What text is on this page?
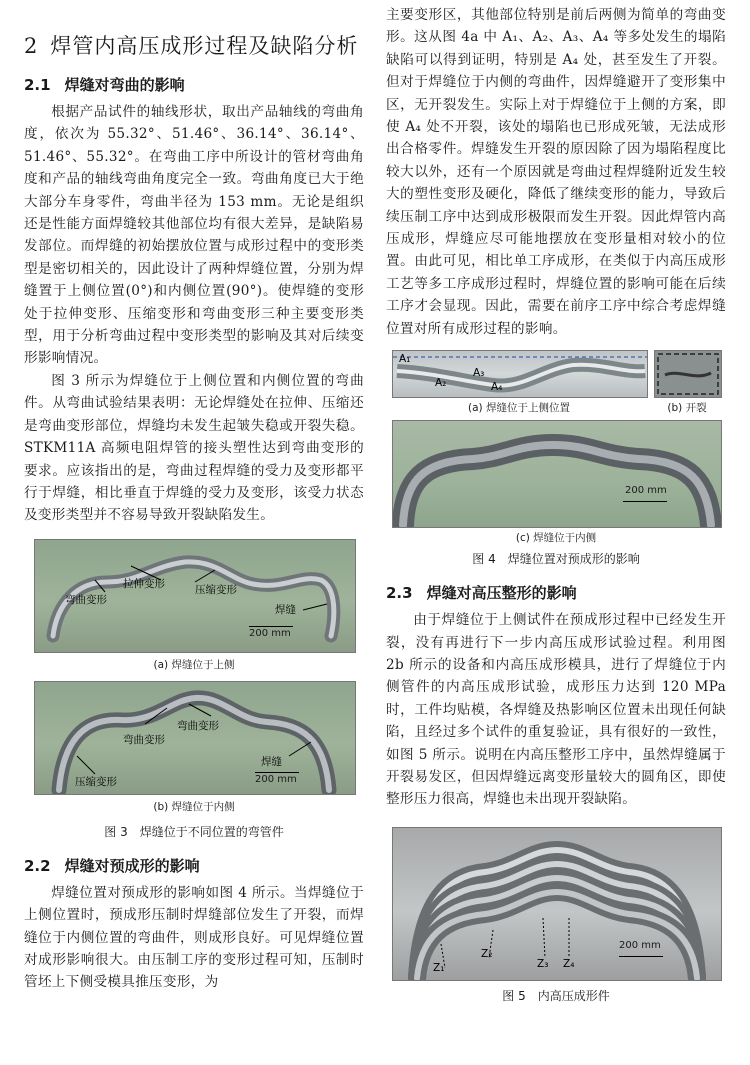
2 焊管内高压成形过程及缺陷分析
2.1 焊缝对弯曲的影响

根据产品试件的轴线形状，取出产品轴线的弯曲角度，依次为 55.32°、51.46°、36.14°、36.14°、51.46°、55.32°。在弯曲工序中所设计的管材弯曲角度和产品的轴线弯曲角度完全一致。弯曲角度已大于绝大部分车身零件，弯曲半径为 153 mm。无论是组织还是性能方面焊缝较其他部位均有很大差异，是缺陷易发部位。而焊缝的初始摆放位置与成形过程中的变形类型是密切相关的，因此设计了两种焊缝位置，分别为焊缝置于上侧位置(0°)和内侧位置(90°)。使焊缝的变形处于拉伸变形、压缩变形和弯曲变形三种主要变形类型，用于分析弯曲过程中变形类型的影响及其对后续变形影响情况。

图 3 所示为焊缝位于上侧位置和内侧位置的弯曲件。从弯曲试验结果表明：无论焊缝处在拉伸、压缩还是弯曲变形部位，焊缝均未发生起皱失稳或开裂失稳。STKM11A 高频电阻焊管的接头塑性达到弯曲变形的要求。应该指出的是，弯曲过程焊缝的受力及变形都平行于焊缝，相比垂直于焊缝的受力及变形，该受力状态及变形类型并不容易导致开裂缺陷发生。

拉伸变形	压缩变形
弯曲变形
焊缝
200 mm
(a) 焊缝位于上侧
弯曲变形
弯曲变形
焊缝
压缩变形	200 mm
(b) 焊缝位于内侧
图 3　焊缝位于不同位置的弯管件
2.2 焊缝对预成形的影响

焊缝位置对预成形的影响如图 4 所示。当焊缝位于上侧位置时，预成形压制时焊缝部位发生了开裂，而焊缝位于内侧位置的弯曲件，则成形良好。可见焊缝位置对成形影响很大。由压制工序的变形过程可知，压制时管坯上下侧受模具推压变形，为

主要变形区，其他部位特别是前后两侧为简单的弯曲变形。这从图 4a 中 A₁、A₂、A₃、A₄ 等多处发生的塌陷缺陷可以得到证明，特别是 A₄ 处，甚至发生了开裂。但对于焊缝位于内侧的弯曲件，因焊缝避开了变形集中区，无开裂发生。实际上对于焊缝位于上侧的方案，即使 A₄ 处不开裂，该处的塌陷也已形成死皱，无法成形出合格零件。焊缝发生开裂的原因除了因为塌陷程度比较大以外，还有一个原因就是弯曲过程焊缝附近发生较大的塑性变形及硬化，降低了继续变形的能力，导致后续压制工序中达到成形极限而发生开裂。因此焊管内高压成形，焊缝应尽可能地摆放在变形量相对较小的位置。由此可见，相比单工序成形，在类似于内高压成形工艺等多工序成形过程时，焊缝位置的影响可能在后续工序才会显现。因此，需要在前序工序中综合考虑焊缝位置对所有成形过程的影响。

A₁
A₂
A₃
A₄
(a) 焊缝位于上侧位置	(b) 开裂
200 mm
(c) 焊缝位于内侧
图 4　焊缝位置对预成形的影响
2.3 焊缝对高压整形的影响

由于焊缝位于上侧试件在预成形过程中已经发生开裂，没有再进行下一步内高压成形试验过程。利用图 2b 所示的设备和内高压成形模具，进行了焊缝位于内侧管件的内高压成形试验，成形压力达到 120 MPa 时，工件均贴模，各焊缝及热影响区位置未出现任何缺陷，且经过多个试件的重复验证，具有很好的一致性，如图 5 所示。说明在内高压整形工序中，虽然焊缝属于开裂易发区，但因焊缝远离变形量较大的圆角区，即使整形压力很高，焊缝也未出现开裂缺陷。

Z₁
Z₂
Z₃ Z₄
200 mm
图 5　内高压成形件
